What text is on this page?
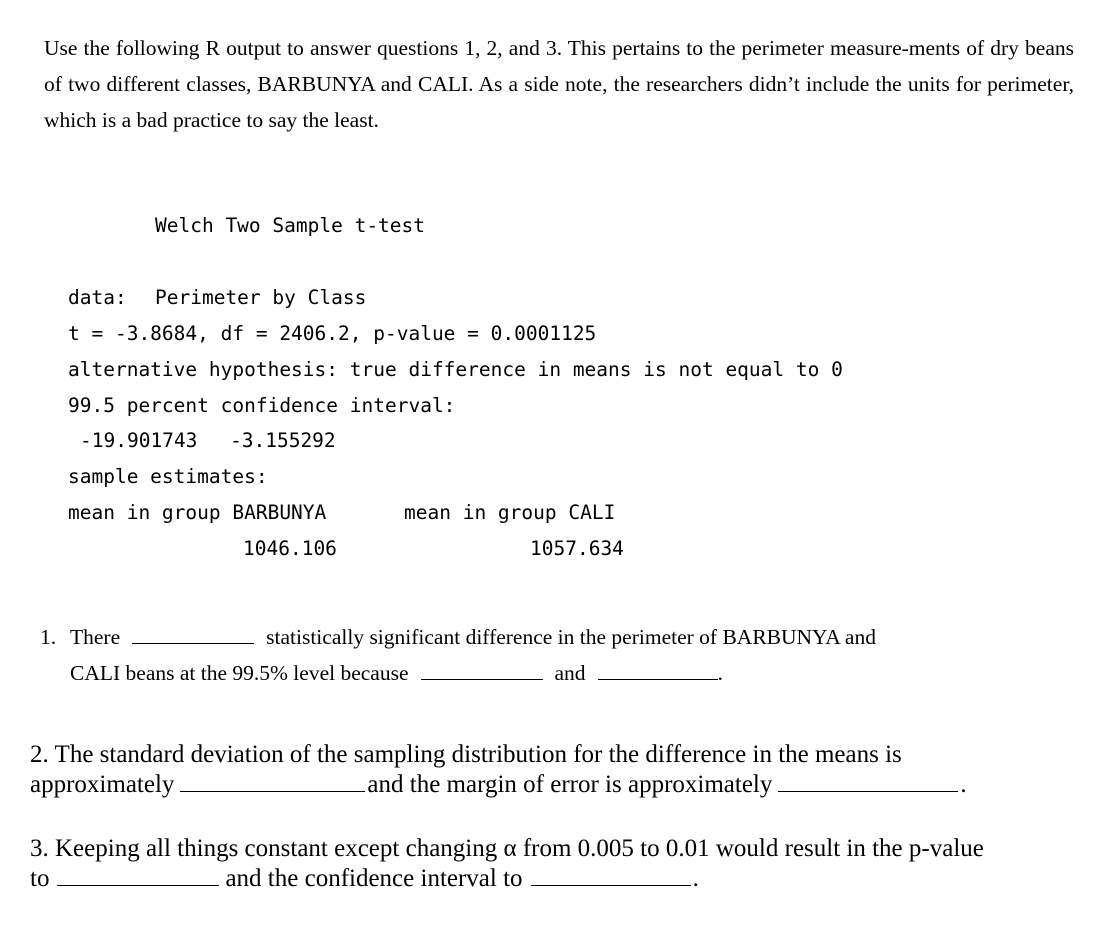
Use the following R output to answer questions 1, 2, and 3. This pertains to the perimeter measure-ments of dry beans of two different classes, BARBUNYA and CALI. As a side note, the researchers didn’t include the units for perimeter, which is a bad practice to say the least.

Welch Two Sample t-test
data: Perimeter by Class
t = -3.8684, df = 2406.2, p-value = 0.0001125
alternative hypothesis: true difference in means is not equal to 0
99.5 percent confidence interval:
-19.901743 -3.155292
sample estimates:
mean in group BARBUNYA	mean in group CALI
1046.106	1057.634
1. There	statistically significant difference in the perimeter of BARBUNYA and
CALI beans at the 99.5% level because	and	.
2. The standard deviation of the sampling distribution for the difference in the means is
approximately	and the margin of error is approximately	.
3. Keeping all things constant except changing α from 0.005 to 0.01 would result in the p-value
to	and the confidence interval to	.
